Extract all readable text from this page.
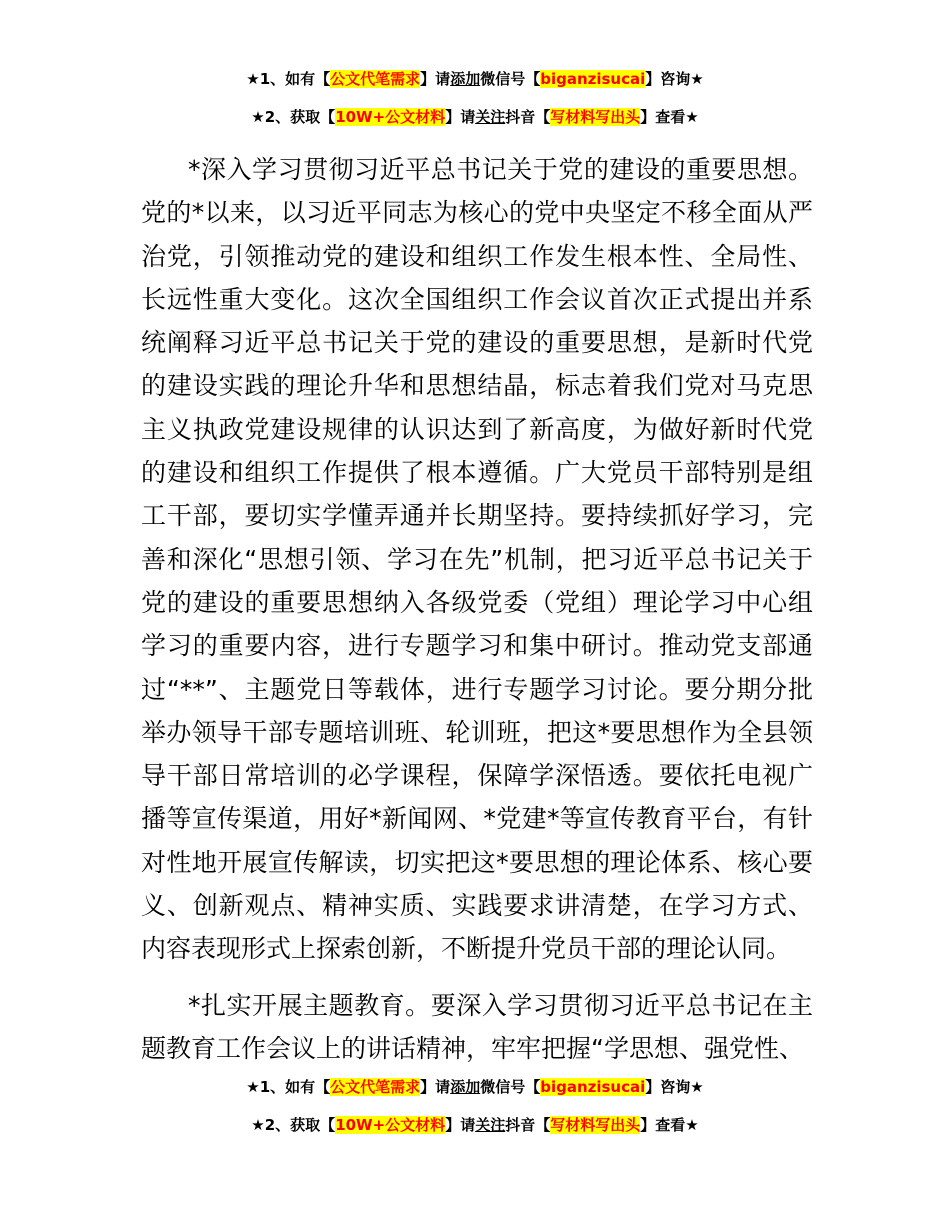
★1、如有【公文代笔需求】请添加微信号【biganzisucai】咨询★
★2、获取【10W+公文材料】请关注抖音【写材料写出头】查看★

*深入学习贯彻习近平总书记关于党的建设的重要思想。党的*以来，以习近平同志为核心的党中央坚定不移全面从严治党，引领推动党的建设和组织工作发生根本性、全局性、长远性重大变化。这次全国组织工作会议首次正式提出并系统阐释习近平总书记关于党的建设的重要思想，是新时代党的建设实践的理论升华和思想结晶，标志着我们党对马克思主义执政党建设规律的认识达到了新高度，为做好新时代党的建设和组织工作提供了根本遵循。广大党员干部特别是组工干部，要切实学懂弄通并长期坚持。要持续抓好学习，完善和深化“思想引领、学习在先”机制，把习近平总书记关于党的建设的重要思想纳入各级党委（党组）理论学习中心组学习的重要内容，进行专题学习和集中研讨。推动党支部通过“**”、主题党日等载体，进行专题学习讨论。要分期分批举办领导干部专题培训班、轮训班，把这*要思想作为全县领导干部日常培训的必学课程，保障学深悟透。要依托电视广播等宣传渠道，用好*新闻网、*党建*等宣传教育平台，有针对性地开展宣传解读，切实把这*要思想的理论体系、核心要义、创新观点、精神实质、实践要求讲清楚，在学习方式、内容表现形式上探索创新，不断提升党员干部的理论认同。

*扎实开展主题教育。要深入学习贯彻习近平总书记在主题教育工作会议上的讲话精神，牢牢把握“学思想、强党性、

★1、如有【公文代笔需求】请添加微信号【biganzisucai】咨询★
★2、获取【10W+公文材料】请关注抖音【写材料写出头】查看★
